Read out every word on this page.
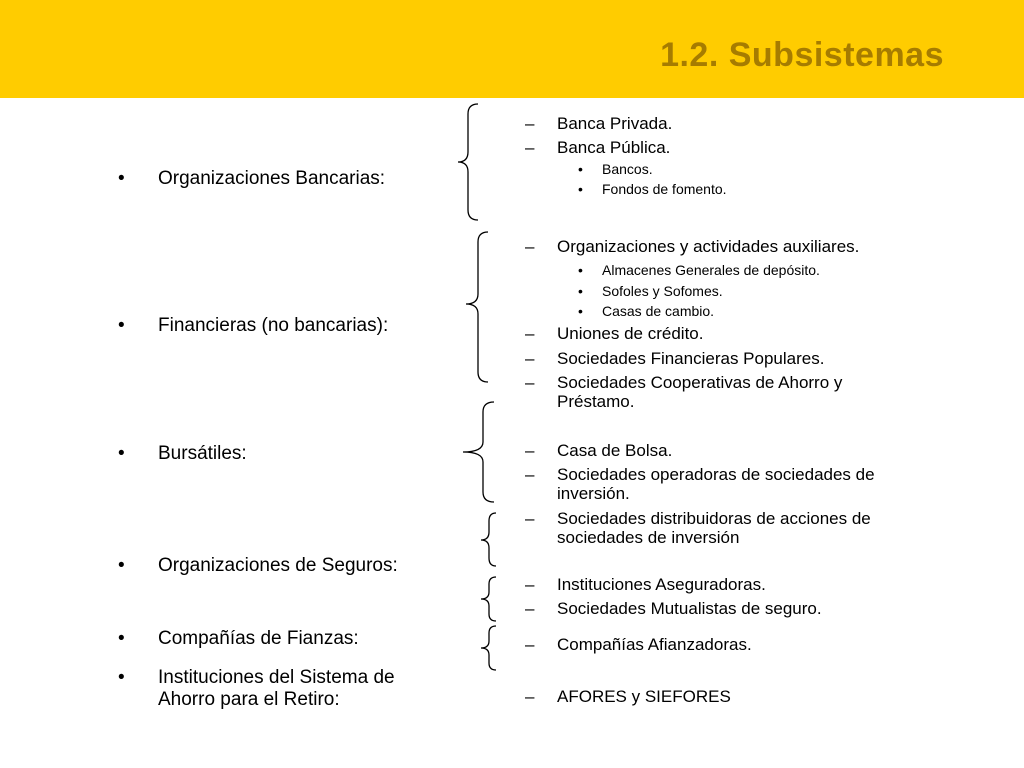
1.2. Subsistemas
• Organizaciones Bancarias:
• Financieras (no bancarias):
• Bursátiles:
• Organizaciones de Seguros:
• Compañías de Fianzas:
• Instituciones del Sistema de
Ahorro para el Retiro:
– Banca Privada.
– Banca Pública.
• Bancos.
• Fondos de fomento.
– Organizaciones y actividades auxiliares.
• Almacenes Generales de depósito.
• Sofoles y Sofomes.
• Casas de cambio.
– Uniones de crédito.
– Sociedades Financieras Populares.
– Sociedades Cooperativas de Ahorro y
Préstamo.
– Casa de Bolsa.
– Sociedades operadoras de sociedades de
inversión.
– Sociedades distribuidoras de acciones de
sociedades de inversión
– Instituciones Aseguradoras.
– Sociedades Mutualistas de seguro.
– Compañías Afianzadoras.
– AFORES y SIEFORES
